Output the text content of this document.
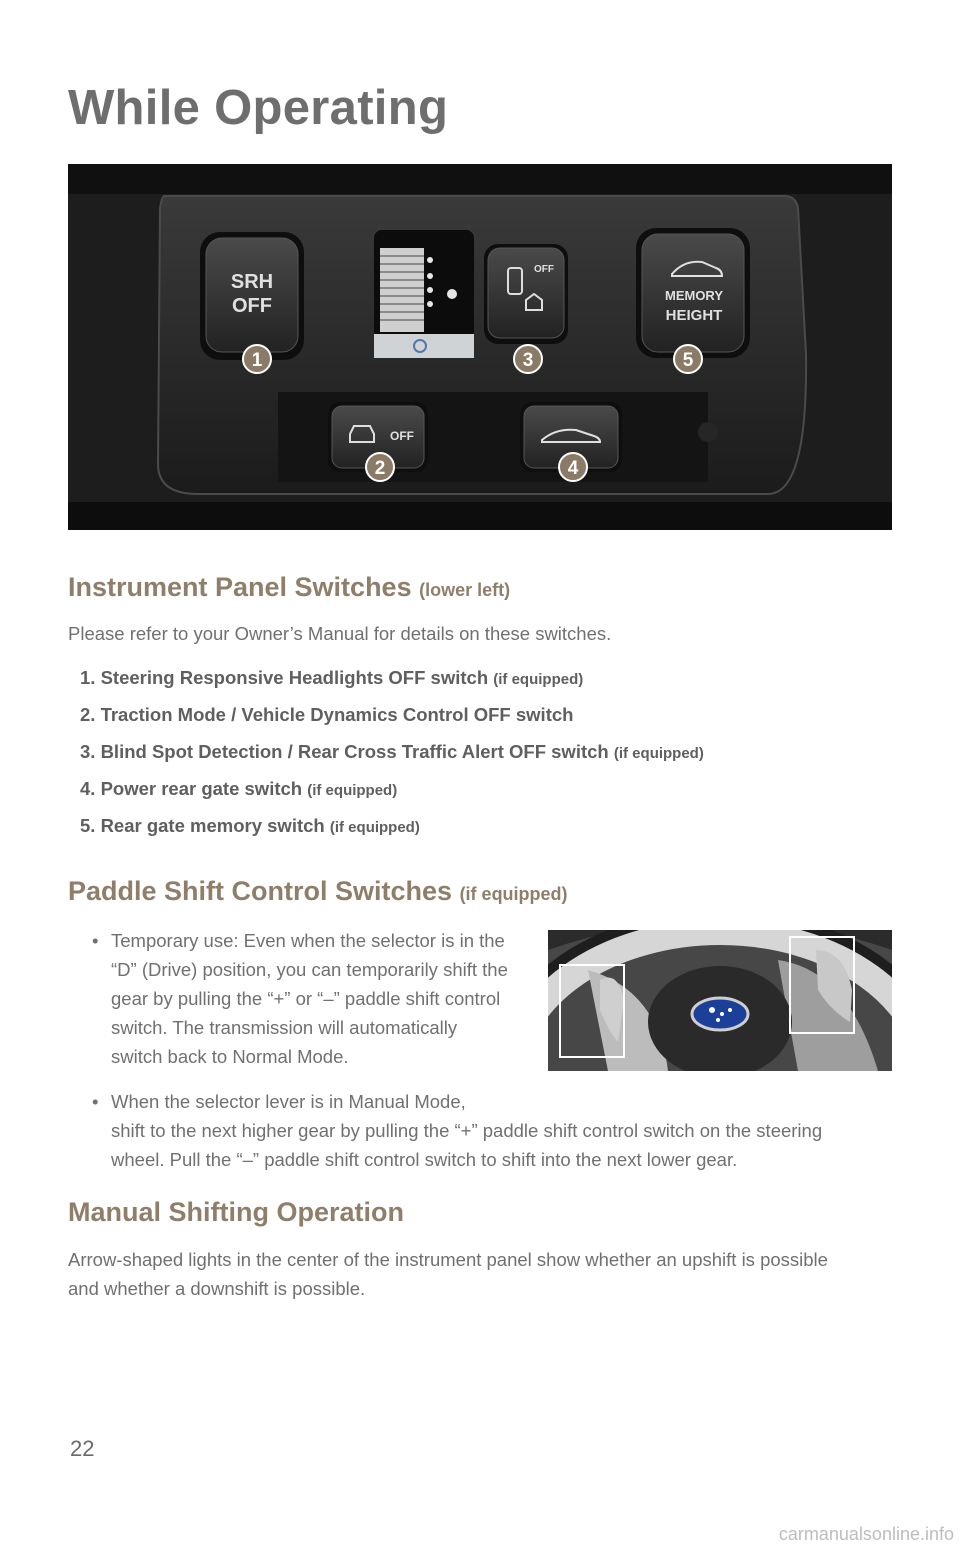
While Operating
SRH
OFF
OFF
MEMORY
HEIGHT
OFF
1
2
3
4
5
Instrument Panel Switches (lower left)

Please refer to your Owner’s Manual for details on these switches.

1. Steering Responsive Headlights OFF switch (if equipped)
2. Traction Mode / Vehicle Dynamics Control OFF switch
3. Blind Spot Detection / Rear Cross Traffic Alert OFF switch (if equipped)
4. Power rear gate switch (if equipped)
5. Rear gate memory switch (if equipped)
Paddle Shift Control Switches (if equipped)
• Temporary use: Even when the selector is in the
“D” (Drive) position, you can temporarily shift the
gear by pulling the “+” or “–” paddle shift control
switch. The transmission will automatically
switch back to Normal Mode.
• When the selector lever is in Manual Mode,
shift to the next higher gear by pulling the “+” paddle shift control switch on the steering
wheel. Pull the “–” paddle shift control switch to shift into the next lower gear.
Manual Shifting Operation

Arrow-shaped lights in the center of the instrument panel show whether an upshift is possible

and whether a downshift is possible.

22

carmanualsonline.info
